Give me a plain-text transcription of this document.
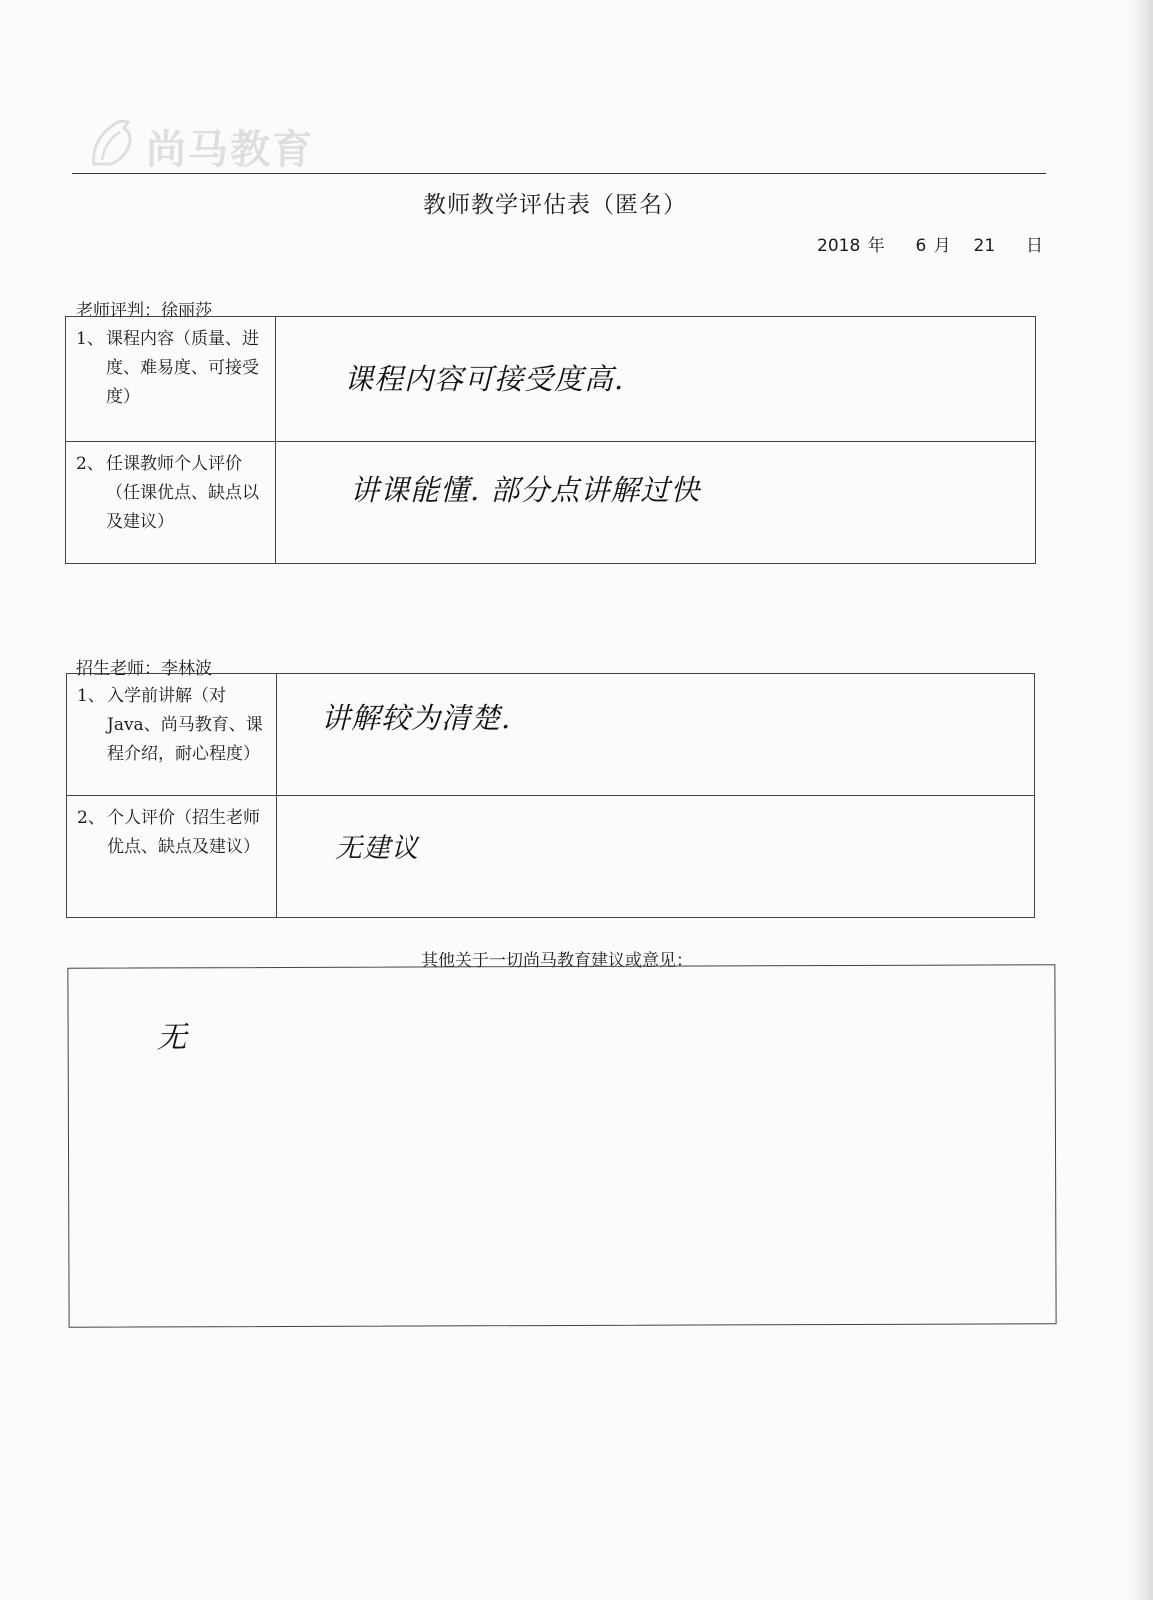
尚马教育
教师教学评估表（匿名）
2018 年 6 月 21 日
老师评判：徐丽莎
1、 课程内容（质量、进度、难易度、可接受度）	课程内容可接受度高.

2、 任课教师个人评价（任课优点、缺点以及建议）	讲课能懂. 部分点讲解过快
招生老师：李林波
1、 入学前讲解（对Java、尚马教育、课程介绍，耐心程度）	讲解较为清楚.

2、 个人评价（招生老师优点、缺点及建议）	无建议
其他关于一切尚马教育建议或意见：
无
